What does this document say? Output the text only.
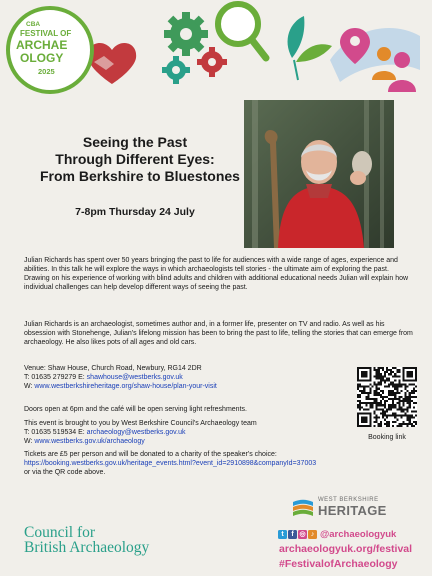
CBA
FESTIVAL OF
ARCHAE
OLOGY
2025
Seeing the Past
Through Different Eyes:
From Berkshire to Bluestones
7-8pm Thursday 24 July

Julian Richards has spent over 50 years bringing the past to life for audiences with a wide range of ages, experience and abilities. In this talk he will explore the ways in which archaeologists tell stories - the ultimate aim of exploring the past. Drawing on his experience of working with blind adults and children with additional educational needs Julian will explain how individual challenges can help develop different ways of seeing the past.

Julian Richards is an archaeologist, sometimes author and, in a former life, presenter on TV and radio. As well as his obsession with Stonehenge, Julian's lifelong mission has been to bring the past to life, telling the stories that can emerge from archaeology. He also likes pots of all ages and old cars.

Venue: Shaw House, Church Road, Newbury, RG14 2DR
T: 01635 279279 E: shawhouse@westberks.gov.uk
W: www.westberkshireheritage.org/shaw-house/plan-your-visit
Doors open at 6pm and the café will be open serving light refreshments.
This event is brought to you by West Berkshire Council's Archaeology team
T: 01635 519534 E: archaeology@westberks.gov.uk
W: www.westberks.gov.uk/archaeology
Tickets are £5 per person and will be donated to a charity of the speaker's choice:
https://booking.westberks.gov.uk/heritage_events.html?event_id=2910898&companyId=37003
or via the QR code above.
Booking link
Council for
British Archaeology
WEST BERKSHIRE
HERITAGE
t	f ◎ ♪ @archaeologyuk
archaeologyuk.org/festival
#FestivalofArchaeology
